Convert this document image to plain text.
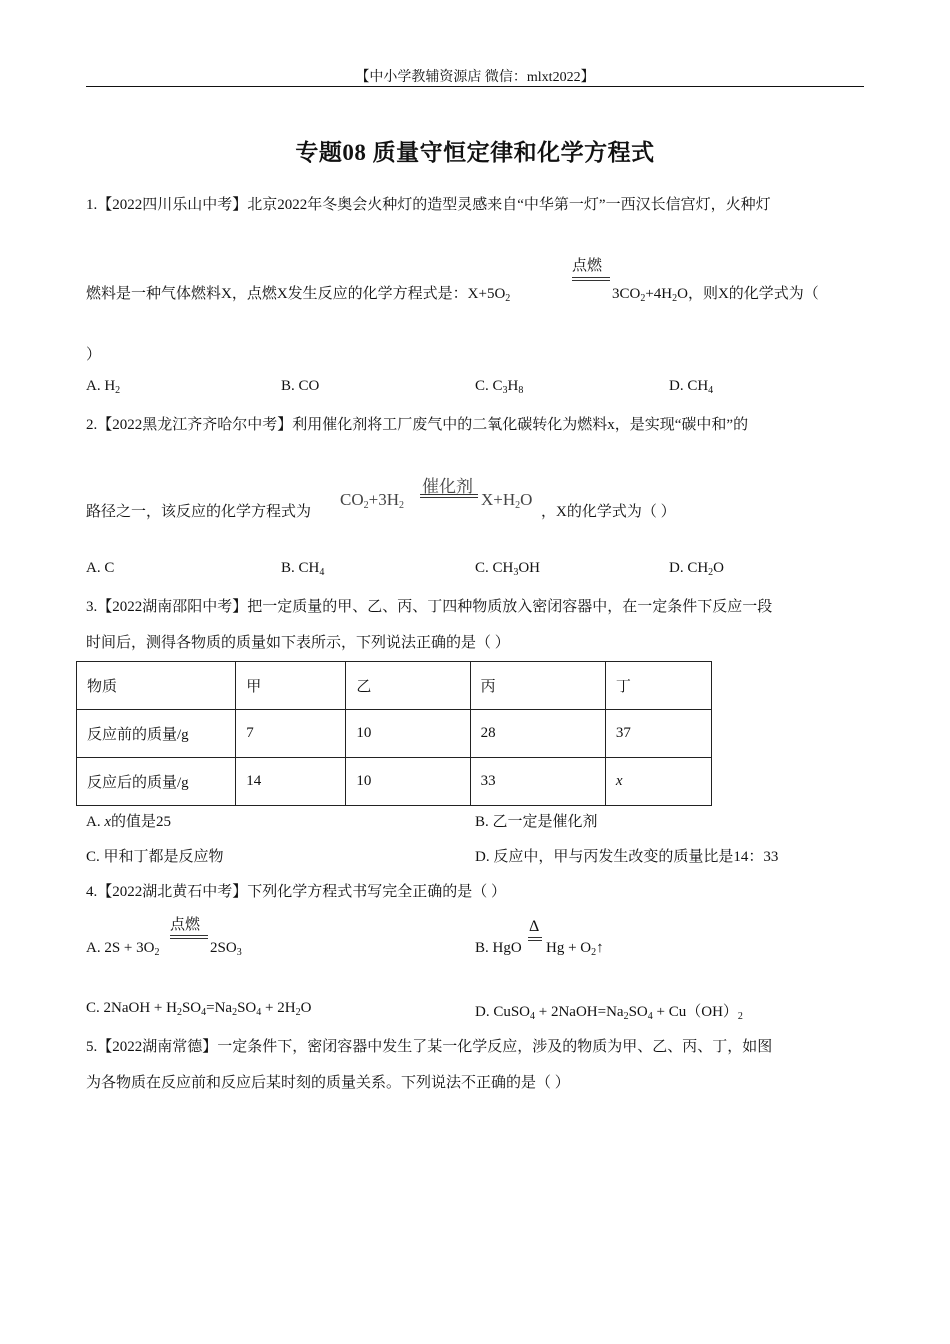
【中小学教辅资源店 微信：mlxt2022】
专题08 质量守恒定律和化学方程式
1.【2022四川乐山中考】北京2022年冬奥会火种灯的造型灵感来自“中华第一灯”一西汉长信宫灯，火种灯
点燃
燃料是一种气体燃料X，点燃X发生反应的化学方程式是：$X+5O_2$	$3CO_2+4H_2O$，则X的化学式为（
）
A. $H_2$	B. CO	C. $C_3H_8$	D. $CH_4$
2.【2022黑龙江齐齐哈尔中考】利用催化剂将工厂废气中的二氧化碳转化为燃料x，是实现“碳中和”的
催化剂
路径之一，该反应的化学方程式为
$CO_2+3H_2$	$X+H_2O$
，X的化学式为（ ）
A. C	B. $CH_4$	C. $CH_3OH$	D. $CH_2O$
3.【2022湖南邵阳中考】把一定质量的甲、乙、丙、丁四种物质放入密闭容器中，在一定条件下反应一段
时间后，测得各物质的质量如下表所示，下列说法正确的是（ ）
物质	甲	乙	丙	丁
反应前的质量/g	7	10	28	37
反应后的质量/g	14	10	33	x
A. x的值是25	B. 乙一定是催化剂
C. 甲和丁都是反应物	D. 反应中，甲与丙发生改变的质量比是14：33
4.【2022湖北黄石中考】下列化学方程式书写完全正确的是（ ）
点燃
A. $2S + 3O_2$	$2SO_3$
Δ
B. HgO $Hg + O_2↑$
C. 2NaOH + $H_2SO_4=Na_2SO_4 + 2H_2O$	D. CuSO$_4$ + $2NaOH=Na_2SO_4 + Cu(OH)_2$
5.【2022湖南常德】一定条件下，密闭容器中发生了某一化学反应，涉及的物质为甲、乙、丙、丁，如图
为各物质在反应前和反应后某时刻的质量关系。下列说法不正确的是（ ）
